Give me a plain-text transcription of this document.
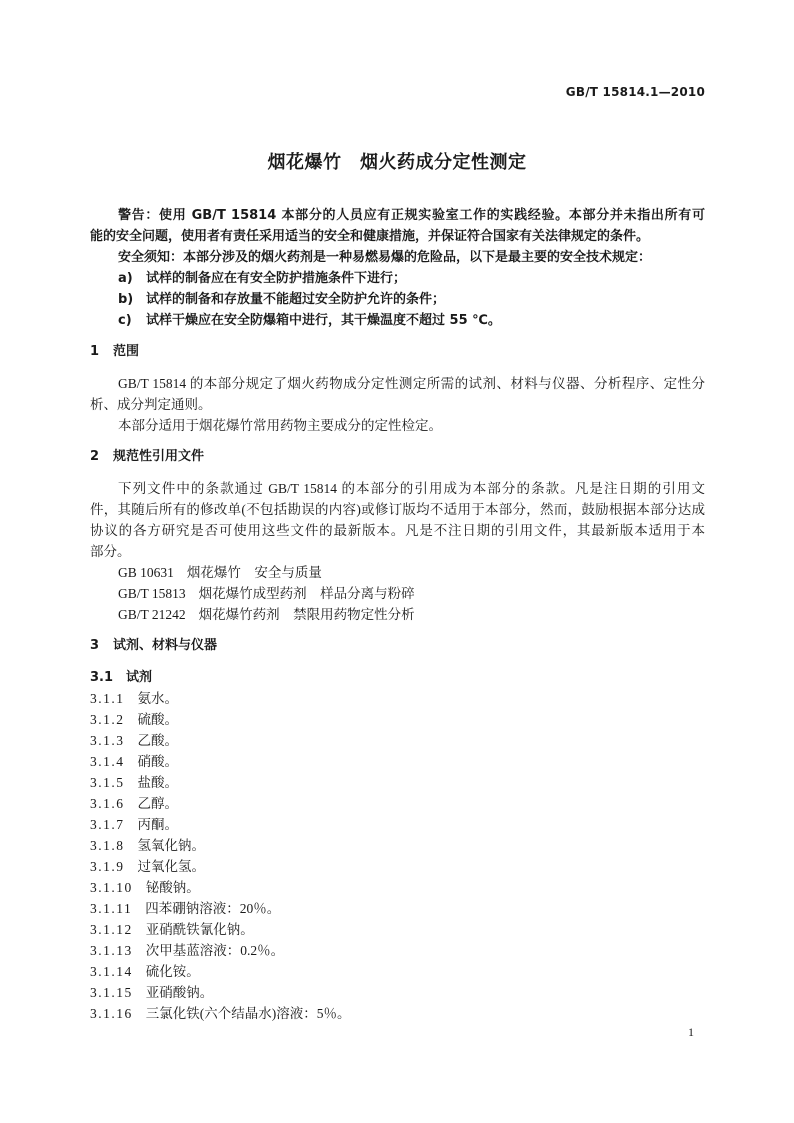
GB/T 15814.1—2010
烟花爆竹　烟火药成分定性测定
警告：使用 GB/T 15814 本部分的人员应有正规实验室工作的实践经验。本部分并未指出所有可
能的安全问题，使用者有责任采用适当的安全和健康措施，并保证符合国家有关法律规定的条件。
安全须知：本部分涉及的烟火药剂是一种易燃易爆的危险品，以下是最主要的安全技术规定：
a) 试样的制备应在有安全防护措施条件下进行；
b) 试样的制备和存放量不能超过安全防护允许的条件；
c) 试样干燥应在安全防爆箱中进行，其干燥温度不超过 55 ℃。
1 范围
GB/T 15814 的本部分规定了烟火药物成分定性测定所需的试剂、材料与仪器、分析程序、定性分
析、成分判定通则。
本部分适用于烟花爆竹常用药物主要成分的定性检定。
2 规范性引用文件
下列文件中的条款通过 GB/T 15814 的本部分的引用成为本部分的条款。凡是注日期的引用文
件，其随后所有的修改单(不包括勘误的内容)或修订版均不适用于本部分，然而，鼓励根据本部分达成
协议的各方研究是否可使用这些文件的最新版本。凡是不注日期的引用文件，其最新版本适用于本
部分。
GB 10631 烟花爆竹　安全与质量
GB/T 15813 烟花爆竹成型药剂　样品分离与粉碎
GB/T 21242 烟花爆竹药剂　禁限用药物定性分析
3 试剂、材料与仪器
3.1 试剂
3.1.1 氨水。
3.1.2 硫酸。
3.1.3 乙酸。
3.1.4 硝酸。
3.1.5 盐酸。
3.1.6 乙醇。
3.1.7 丙酮。
3.1.8 氢氧化钠。
3.1.9 过氧化氢。
3.1.10 铋酸钠。
3.1.11 四苯硼钠溶液：20％。
3.1.12 亚硝酰铁氰化钠。
3.1.13 次甲基蓝溶液：0.2％。
3.1.14 硫化铵。
3.1.15 亚硝酸钠。
3.1.16 三氯化铁(六个结晶水)溶液：5％。
1
